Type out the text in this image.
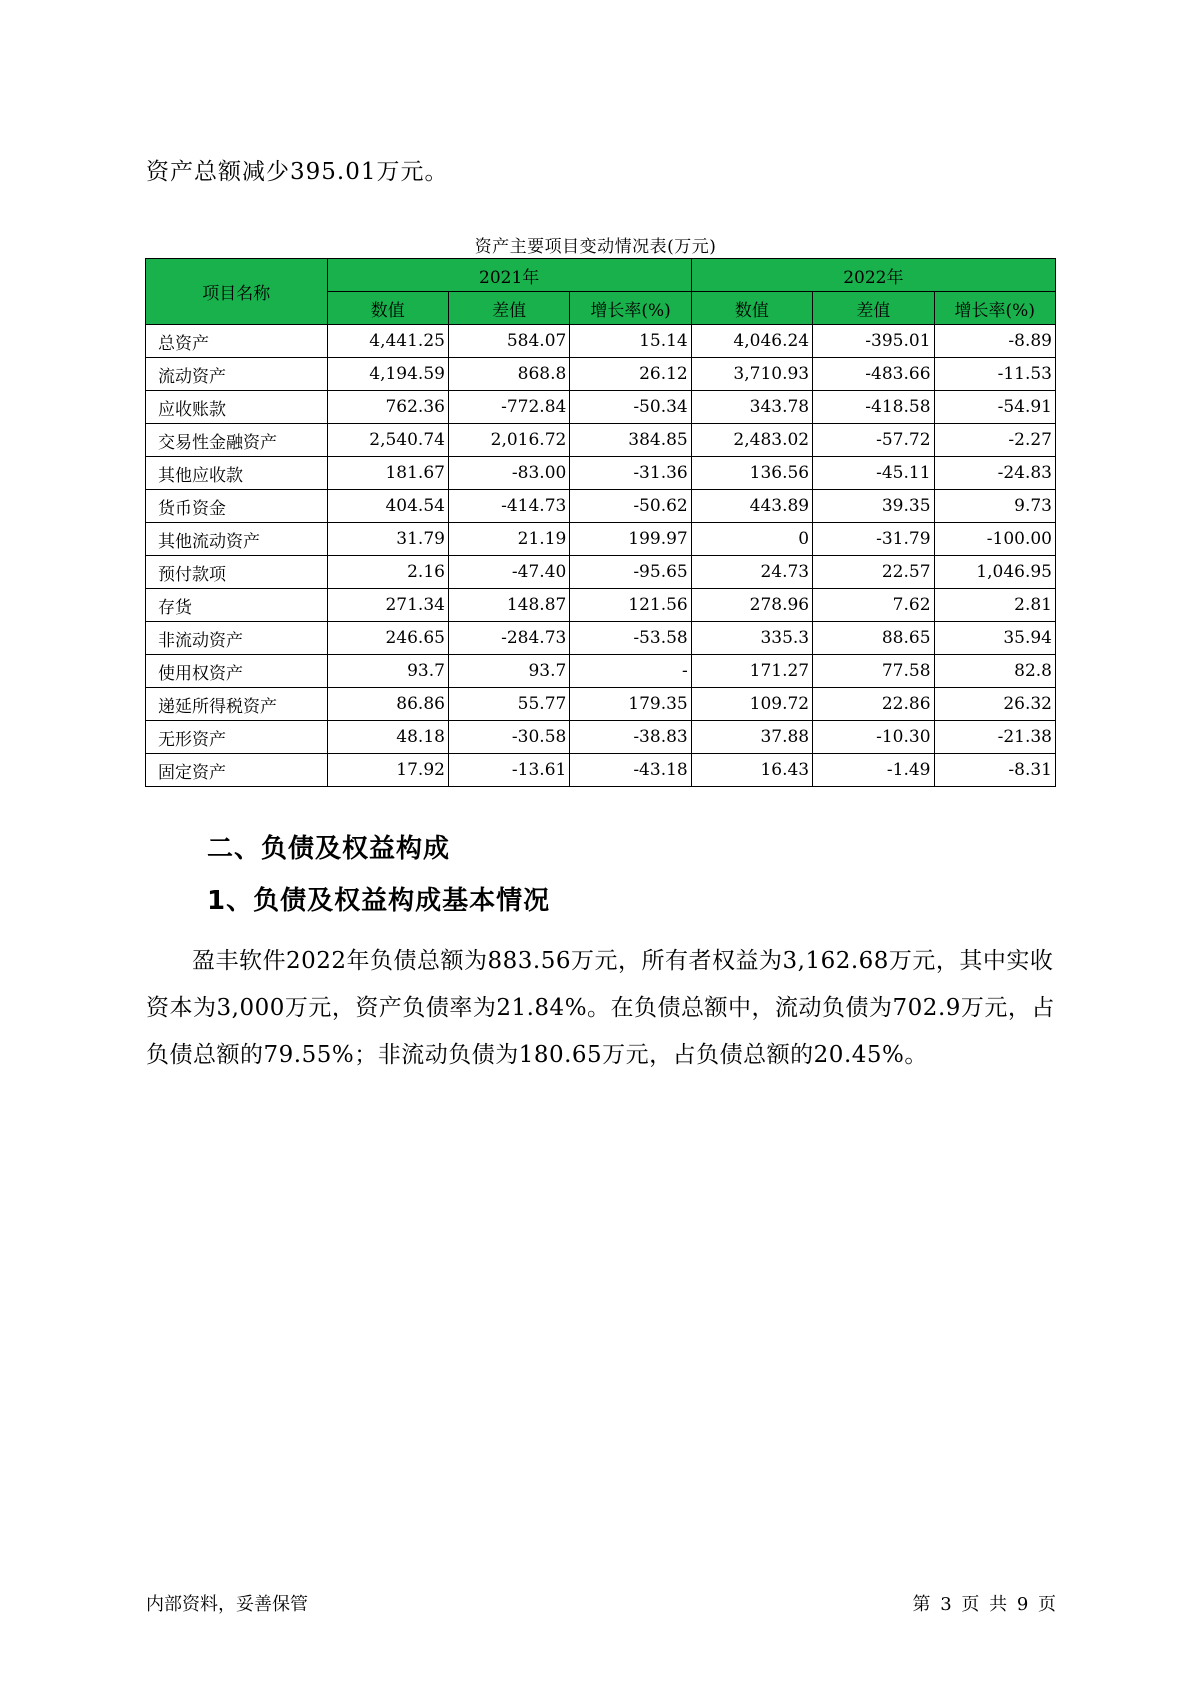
资产总额减少395.01万元。

资产主要项目变动情况表(万元)

项目名称	2021年			2022年		
	数值	差值	增长率(%)	数值	差值	增长率(%)
总资产	4,441.25	584.07	15.14	4,046.24	-395.01	-8.89
流动资产	4,194.59	868.8	26.12	3,710.93	-483.66	-11.53
应收账款	762.36	-772.84	-50.34	343.78	-418.58	-54.91
交易性金融资产	2,540.74	2,016.72	384.85	2,483.02	-57.72	-2.27
其他应收款	181.67	-83.00	-31.36	136.56	-45.11	-24.83
货币资金	404.54	-414.73	-50.62	443.89	39.35	9.73
其他流动资产	31.79	21.19	199.97	0	-31.79	-100.00
预付款项	2.16	-47.40	-95.65	24.73	22.57	1,046.95
存货	271.34	148.87	121.56	278.96	7.62	2.81
非流动资产	246.65	-284.73	-53.58	335.3	88.65	35.94
使用权资产	93.7	93.7	-	171.27	77.58	82.8
递延所得税资产	86.86	55.77	179.35	109.72	22.86	26.32
无形资产	48.18	-30.58	-38.83	37.88	-10.30	-21.38
固定资产	17.92	-13.61	-43.18	16.43	-1.49	-8.31
二、负债及权益构成
1、负债及权益构成基本情况

盈丰软件2022年负债总额为883.56万元，所有者权益为3,162.68万元，其中实收资本为3,000万元，资产负债率为21.84%。在负债总额中，流动负债为702.9万元，占负债总额的79.55%；非流动负债为180.65万元，占负债总额的20.45%。

内部资料，妥善保管	第 3 页 共 9 页
